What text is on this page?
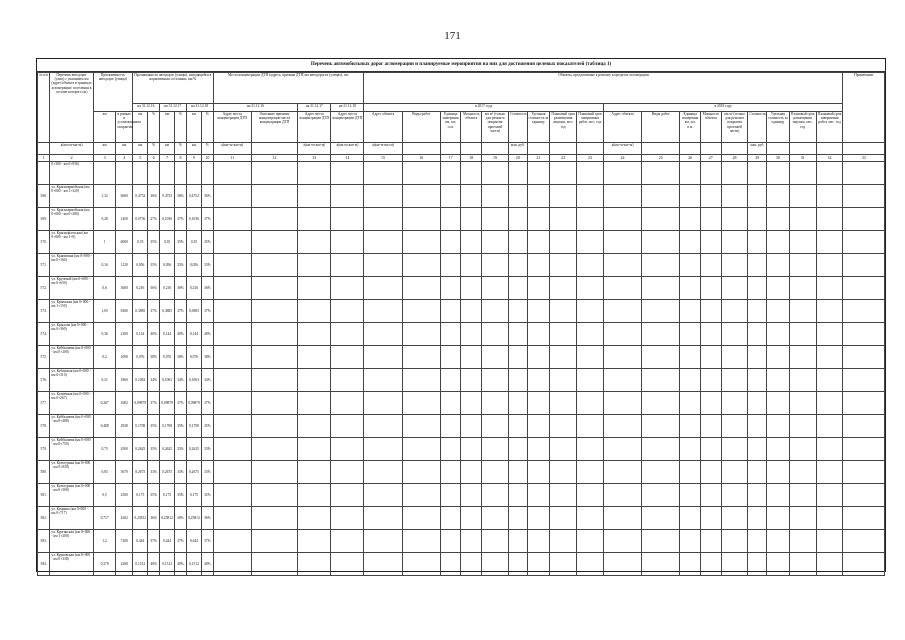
171
Перечень автомобильных дорог агломерации и планируемые мероприятия на них для достижения целевых показателей (таблица 1)
№ п/п	Перечень автодорог (улиц) с указанием км (адрес/объекта в границах агломерации/ поселения в составе которого он)	Протяженность автодорог (улицы)		Протяженность автодорог (улицы), находящейся в нормативном состоянии, км/%						Места концентрации ДТП (адреса, причина ДТП) на автодорогах (улицах), шт.				Объекты, предлагаемые к ремонту в пределах агломерации																		Примечание
				на 31.12.16		на 31.12.17		на 31.12.18		на 31.12.16		на 31.12.17	на 31.12.18	в 2017 году									в 2018 году									
		км	в рамках в установленном покрытии	км	%	км	%	км	%	Адрес места концентрации ДТП	Описание причины концентрации места концентрации ДТП	Адрес места концентрации ДТП	Адрес места концентрации ДТП	Адрес объекта	Виды работ	Единица измерения км, шт, п.м.	Мощность объекта	км м² (только для ремонта покрытия проезжей части)	Стоимость	Удельная стоимость за единицу	Плановый срок размещения закупки, мес. год	Плановый срок завершения работ, мес. год	Адрес объекта	Виды работ	Единица измерения км, шт, п.м.	Мощность объекта	км м² (только для ремонта покрытия проезжей части)	Стоимость	Удельная стоимость за единицу	Плановый срок размещения закупки, мес. год	Плановый срок завершения работ, мес. год	
	а(км+м-км+м)	км	км	км	%	км	%	км	%	а(км+м-км+м)		а(км+м-км+м)	а(км+м-км+м)	а(км+м-км+м)					млн. руб.				а(км+м-км+м)					млн. руб.				
1	2	3	4	5	6	7	8	9	10	11	12	13	14	15	16	17	18	19	20	21	22	23	24	25	26	27	28	29	30	31	32	33
	0+300 - км 0+936)																															
568.	ул. Красноармейская (км 0+000 - км 1+320)	1,32	6600	0,4752	36%	0,4752	36%	0,4752	36%																							
569.	ул. Красноармейская (км 0+000 - км 0+280)	0,28	1400	0,0756	27%	0,1036	37%	0,1036	37%																							
570.	ул. Краснофлотская (км 0+000 - км 1+0)	1	6000	0,35	35%	0,35	35%	0,35	35%																							
571.	ул. Крапивина (км 0+000 - км 0+160)	0,16	1120	0,056	35%	0,056	35%	0,056	35%																							
572.	ул. Крупской (км 0+000 - км 0+630)	0,6	3600	0,216	36%	0,216	36%	0,216	36%																							
573.	ул. Крымская (км 0+000 - км 1+150)	1,05	6300	0,3885	37%	0,3885	37%	0,3885	37%																							
574.	ул. Крылова (км 0+000 - км 0+360)	0,36	2160	0,144	40%	0,144	40%	0,144	40%																							
575.	ул. Куйбышева (км 0+000 - км 0+200)	0,2	1000	0,076	38%	0,076	38%	0,076	38%																							
576.	ул. Кубанская (км 0+000 - км 0+310)	0,31	1860	0,1063	34%	0,1063	34%	0,1063	34%																							
577.	ул. Кузнечная (км 0+000 - км 0+267)	0,267	1602	0,09879	37%	0,09879	37%	0,09879	37%																							
578.	ул. Куйбышева (км 0+000 - км 0+488)	0,488	2928	0,1708	35%	0,1708	35%	0,1708	35%																							
579.	ул. Куйбышева (км 0+000 - км 0+750)	0,75	4500	0,2625	35%	0,2625	35%	0,2625	35%																							
580.	ул. Культурная (км 0+000 - км 0+830)	0,83	5670	0,2675	33%	0,2675	33%	0,2675	33%																							
581.	ул. Культурная (км 0+000 - км 0+500)	0,5	2500	0,175	35%	0,175	35%	0,175	35%																							
582.	ул. Куприна (км 0+000 - км 0+717)	0,717	4302	0,25812	36%	0,25812	36%	0,25812	36%																							
583.	ул. Курганская (км 0+000 - км 1+200)	1,2	7200	0,444	37%	0,444	37%	0,444	37%																							
584.	ул. Курковская (км 0+000 - км 0+338)	0,378	2268	0,1512	40%	0,1512	40%	0,1512	40%																							
